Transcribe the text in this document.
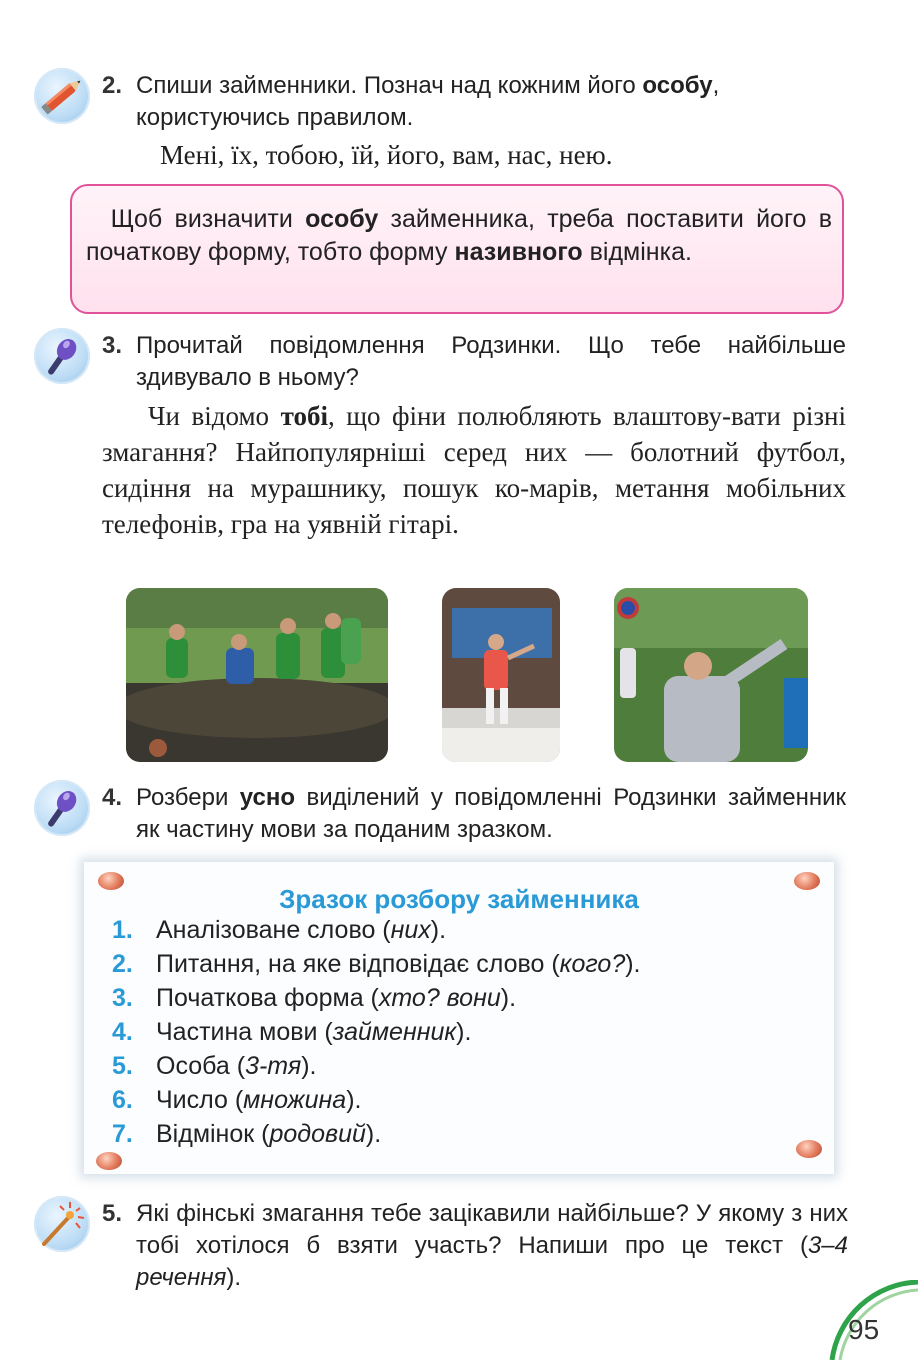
2. Спиши займенники. Познач над кожним його особу,
користуючись правилом.
Мені, їх, тобою, їй, його, вам, нас, нею.
Щоб визначити особу займенника, треба поставити його в початкову форму, тобто форму називного відмінка.
3. Прочитай повідомлення Родзинки. Що тебе найбільше здивувало в ньому?
Чи відомо тобі, що фіни полюбляють влаштову-вати різні змагання? Найпопулярніші серед них — болотний футбол, сидіння на мурашнику, пошук ко-марів, метання мобільних телефонів, гра на уявній гітарі.
4. Розбери усно виділений у повідомленні Родзинки займенник як частину мови за поданим зразком.
Зразок розбору займенника
1. Аналізоване слово (них).
2. Питання, на яке відповідає слово (кого?).
3. Початкова форма (хто? вони).
4. Частина мови (займенник).
5. Особа (3-тя).
6. Число (множина).
7. Відмінок (родовий).
5. Які фінські змагання тебе зацікавили найбільше? У якому з них тобі хотілося б взяти участь? Напиши про це текст (3–4 речення).
95
